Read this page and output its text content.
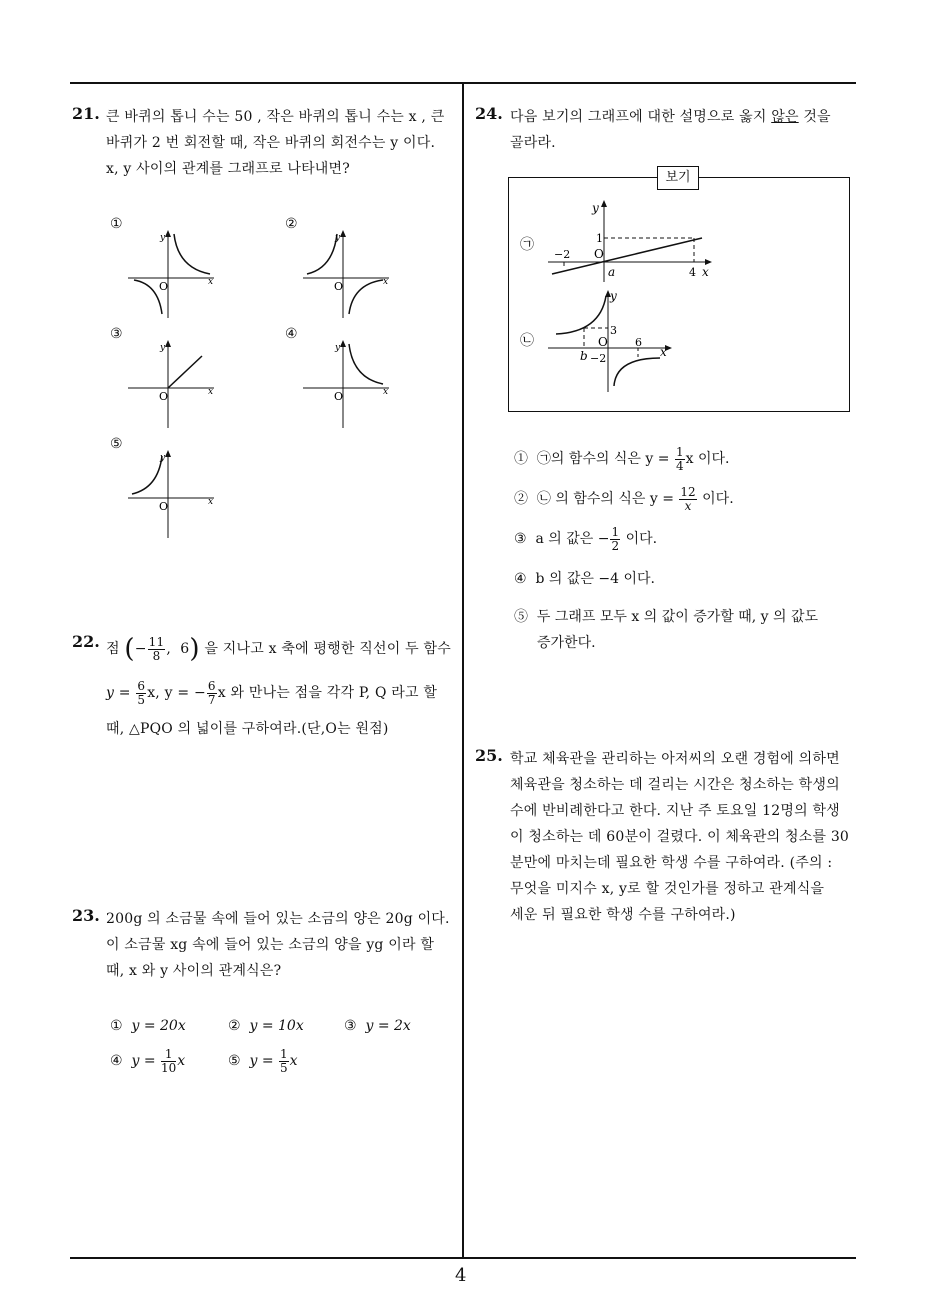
4
21. 큰 바퀴의 톱니 수는 50 , 작은 바퀴의 톱니 수는 x , 큰
바퀴가 2 번 회전할 때, 작은 바퀴의 회전수는 y 이다.
x, y 사이의 관계를 그래프로 나타내면?
①	②
③	④
⑤
y
x
O
y
x
O
y
x
O
y
x
O
y
x
O
22. 점 (− $\frac{11}{8}$ ,  6) 을 지나고 x 축에 평행한 직선이 두 함수
$y = \frac{6}{5} x$, y = − $\frac{6}{7}$ x 와 만나는 점을 각각 P, Q 라고 할
때, △PQO 의 넓이를 구하여라.(단,O는 원점)
23. 200g 의 소금물 속에 들어 있는 소금의 양은 20g 이다.
이 소금물 xg 속에 들어 있는 소금의 양을 yg 이라 할
때, x 와 y 사이의 관계식은?
① y = 20x	② y = 10x	③ y = 2x
④ $y = \frac{1}{10}$ x	⑤ $y = \frac{1}{5}$ x
24. 다음 보기의 그래프에 대한 설명으로 옳지 않은 것을
골라라.
보기
㉠
㉡
y
1
−2 O
a	4 x
y
3
O 6
x
b −2
① ㉠의 함수의 식은 $y = \frac{1}{4}$ x 이다.
② ㉡ 의 함수의 식은 $y = \frac{12}{x}$ 이다.
③ a 의 값은 − $\frac{1}{2}$ 이다.
④ b 의 값은 −4 이다.
⑤ 두 그래프 모두 x 의 값이 증가할 때, y 의 값도
증가한다.
25. 학교 체육관을 관리하는 아저씨의 오랜 경험에 의하면
체육관을 청소하는 데 걸리는 시간은 청소하는 학생의
수에 반비례한다고 한다. 지난 주 토요일 12명의 학생
이 청소하는 데 60분이 걸렸다. 이 체육관의 청소를 30
분만에 마치는데 필요한 학생 수를 구하여라. (주의 :
무엇을 미지수 x, y로 할 것인가를 정하고 관계식을
세운 뒤 필요한 학생 수를 구하여라.)
